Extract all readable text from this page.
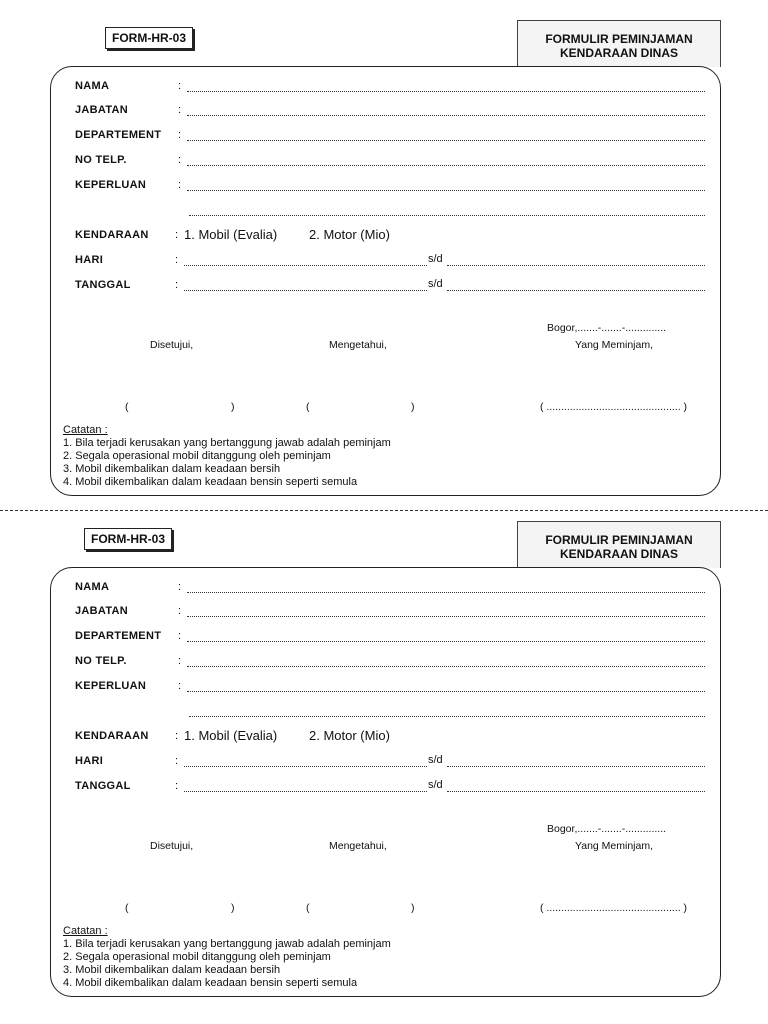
FORM-HR-03	FORMULIR PEMINJAMAN
KENDARAAN DINAS
NAMA	:
JABATAN	:
DEPARTEMENT :
NO TELP.	:
KEPERLUAN	:
KENDARAAN : 1. Mobil (Evalia) 2. Motor (Mio)
HARI	:	s/d
TANGGAL	:	s/d
Bogor,.......-.......-..............
Disetujui,	Mengetahui,	Yang Meminjam,
(	)	(	)	( .............................................. )
Catatan :
1. Bila terjadi kerusakan yang bertanggung jawab adalah peminjam
2. Segala operasional mobil ditanggung oleh peminjam
3. Mobil dikembalikan dalam keadaan bersih
4. Mobil dikembalikan dalam keadaan bensin seperti semula
FORM-HR-03	FORMULIR PEMINJAMAN
KENDARAAN DINAS
NAMA	:
JABATAN	:
DEPARTEMENT :
NO TELP.	:
KEPERLUAN	:
KENDARAAN : 1. Mobil (Evalia) 2. Motor (Mio)
HARI	:	s/d
TANGGAL	:	s/d
Bogor,.......-.......-..............
Disetujui,	Mengetahui,	Yang Meminjam,
(	)	(	)	( .............................................. )
Catatan :
1. Bila terjadi kerusakan yang bertanggung jawab adalah peminjam
2. Segala operasional mobil ditanggung oleh peminjam
3. Mobil dikembalikan dalam keadaan bersih
4. Mobil dikembalikan dalam keadaan bensin seperti semula
